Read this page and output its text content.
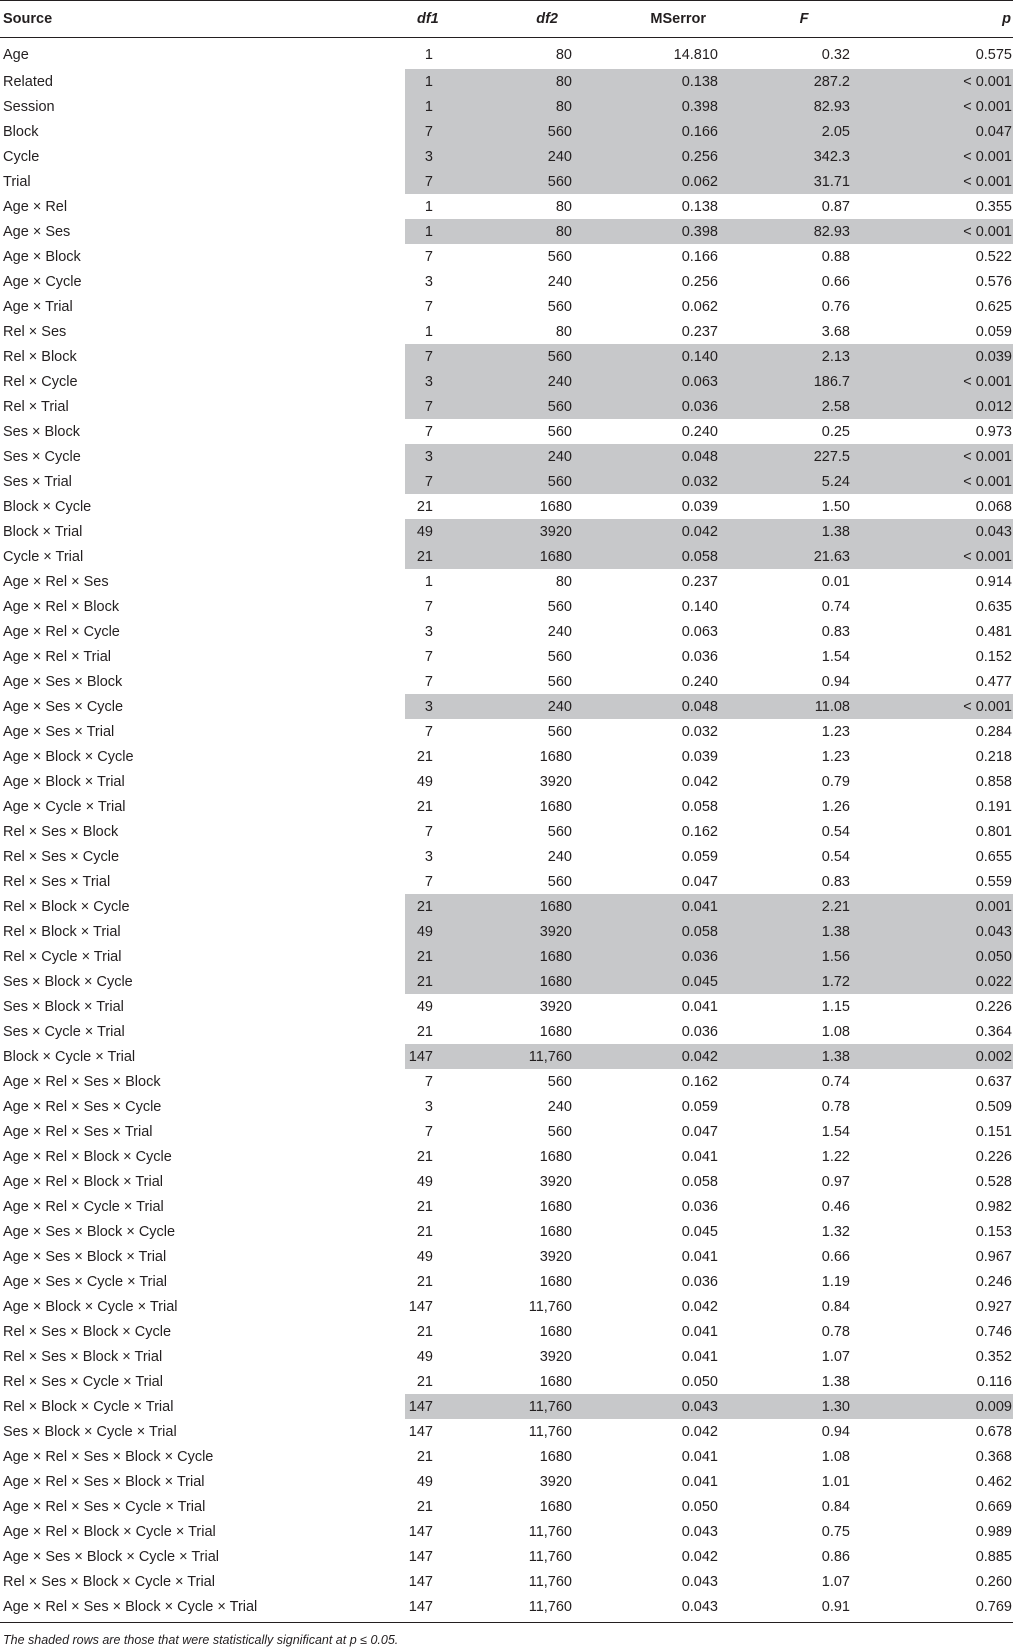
Source	df1	df2	MSerror	F	p
Age	1	80	14.810	0.32	0.575
Related	1	80	0.138	287.2	< 0.001
Session	1	80	0.398	82.93	< 0.001
Block	7	560	0.166	2.05	0.047
Cycle	3	240	0.256	342.3	< 0.001
Trial	7	560	0.062	31.71	< 0.001
Age × Rel	1	80	0.138	0.87	0.355
Age × Ses	1	80	0.398	82.93	< 0.001
Age × Block	7	560	0.166	0.88	0.522
Age × Cycle	3	240	0.256	0.66	0.576
Age × Trial	7	560	0.062	0.76	0.625
Rel × Ses	1	80	0.237	3.68	0.059
Rel × Block	7	560	0.140	2.13	0.039
Rel × Cycle	3	240	0.063	186.7	< 0.001
Rel × Trial	7	560	0.036	2.58	0.012
Ses × Block	7	560	0.240	0.25	0.973
Ses × Cycle	3	240	0.048	227.5	< 0.001
Ses × Trial	7	560	0.032	5.24	< 0.001
Block × Cycle	21	1680	0.039	1.50	0.068
Block × Trial	49	3920	0.042	1.38	0.043
Cycle × Trial	21	1680	0.058	21.63	< 0.001
Age × Rel × Ses	1	80	0.237	0.01	0.914
Age × Rel × Block	7	560	0.140	0.74	0.635
Age × Rel × Cycle	3	240	0.063	0.83	0.481
Age × Rel × Trial	7	560	0.036	1.54	0.152
Age × Ses × Block	7	560	0.240	0.94	0.477
Age × Ses × Cycle	3	240	0.048	11.08	< 0.001
Age × Ses × Trial	7	560	0.032	1.23	0.284
Age × Block × Cycle	21	1680	0.039	1.23	0.218
Age × Block × Trial	49	3920	0.042	0.79	0.858
Age × Cycle × Trial	21	1680	0.058	1.26	0.191
Rel × Ses × Block	7	560	0.162	0.54	0.801
Rel × Ses × Cycle	3	240	0.059	0.54	0.655
Rel × Ses × Trial	7	560	0.047	0.83	0.559
Rel × Block × Cycle	21	1680	0.041	2.21	0.001
Rel × Block × Trial	49	3920	0.058	1.38	0.043
Rel × Cycle × Trial	21	1680	0.036	1.56	0.050
Ses × Block × Cycle	21	1680	0.045	1.72	0.022
Ses × Block × Trial	49	3920	0.041	1.15	0.226
Ses × Cycle × Trial	21	1680	0.036	1.08	0.364
Block × Cycle × Trial	147	11,760	0.042	1.38	0.002
Age × Rel × Ses × Block	7	560	0.162	0.74	0.637
Age × Rel × Ses × Cycle	3	240	0.059	0.78	0.509
Age × Rel × Ses × Trial	7	560	0.047	1.54	0.151
Age × Rel × Block × Cycle	21	1680	0.041	1.22	0.226
Age × Rel × Block × Trial	49	3920	0.058	0.97	0.528
Age × Rel × Cycle × Trial	21	1680	0.036	0.46	0.982
Age × Ses × Block × Cycle	21	1680	0.045	1.32	0.153
Age × Ses × Block × Trial	49	3920	0.041	0.66	0.967
Age × Ses × Cycle × Trial	21	1680	0.036	1.19	0.246
Age × Block × Cycle × Trial	147	11,760	0.042	0.84	0.927
Rel × Ses × Block × Cycle	21	1680	0.041	0.78	0.746
Rel × Ses × Block × Trial	49	3920	0.041	1.07	0.352
Rel × Ses × Cycle × Trial	21	1680	0.050	1.38	0.116
Rel × Block × Cycle × Trial	147	11,760	0.043	1.30	0.009
Ses × Block × Cycle × Trial	147	11,760	0.042	0.94	0.678
Age × Rel × Ses × Block × Cycle	21	1680	0.041	1.08	0.368
Age × Rel × Ses × Block × Trial	49	3920	0.041	1.01	0.462
Age × Rel × Ses × Cycle × Trial	21	1680	0.050	0.84	0.669
Age × Rel × Block × Cycle × Trial	147	11,760	0.043	0.75	0.989
Age × Ses × Block × Cycle × Trial	147	11,760	0.042	0.86	0.885
Rel × Ses × Block × Cycle × Trial	147	11,760	0.043	1.07	0.260
Age × Rel × Ses × Block × Cycle × Trial	147	11,760	0.043	0.91	0.769
The shaded rows are those that were statistically significant at p ≤ 0.05.
